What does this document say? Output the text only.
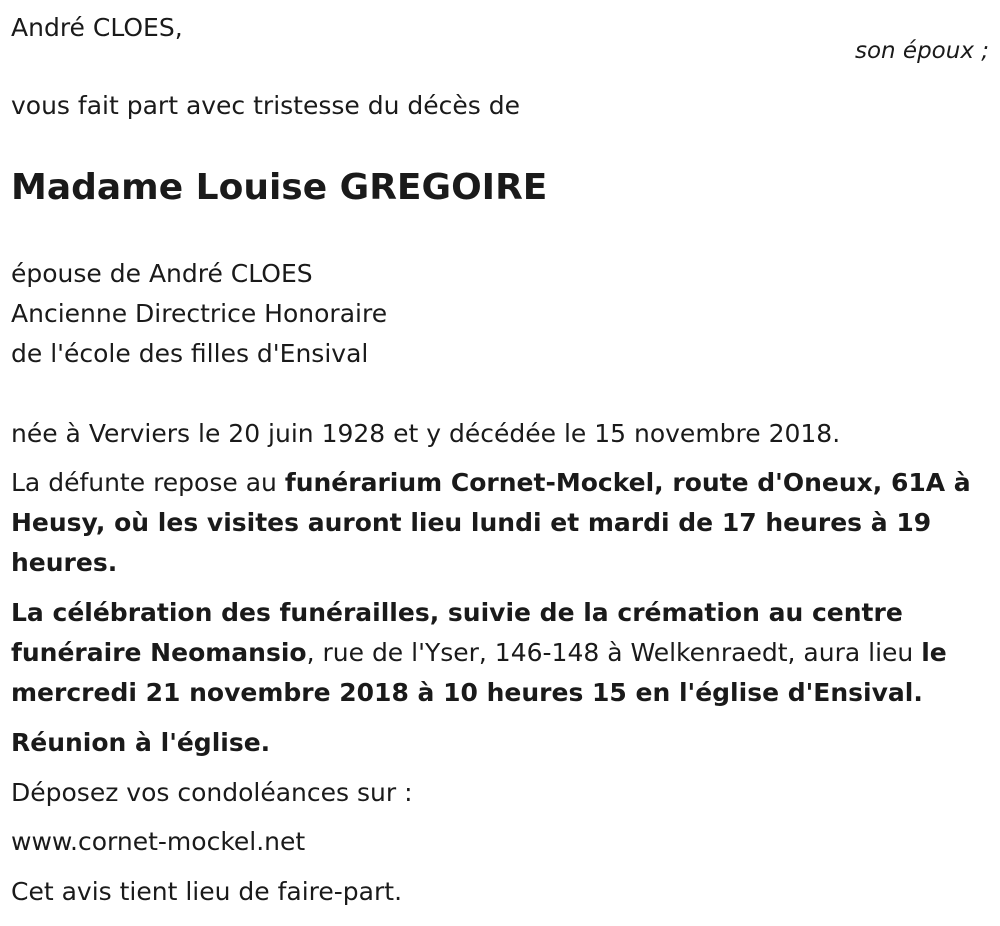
André CLOES,
son époux ;
vous fait part avec tristesse du décès de
Madame Louise GREGOIRE
épouse de André CLOES
Ancienne Directrice Honoraire
de l'école des filles d'Ensival
née à Verviers le 20 juin 1928 et y décédée le 15 novembre 2018.

La défunte repose au funérarium Cornet-Mockel, route d'Oneux, 61A à Heusy, où les visites auront lieu lundi et mardi de 17 heures à 19 heures.

La célébration des funérailles, suivie de la crémation au centre funéraire Neomansio, rue de l'Yser, 146-148 à Welkenraedt, aura lieu le mercredi 21 novembre 2018 à 10 heures 15 en l'église d'Ensival.

Réunion à l'église.
Déposez vos condoléances sur :
www.cornet-mockel.net
Cet avis tient lieu de faire-part.
